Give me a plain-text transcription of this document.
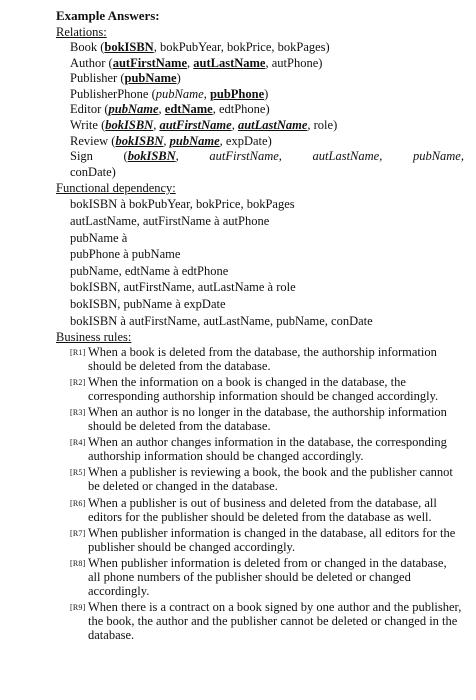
Example Answers:
Relations:
Book (bokISBN, bokPubYear, bokPrice, bokPages)
Author (autFirstName, autLastName, autPhone)
Publisher (pubName)
PublisherPhone (pubName, pubPhone)
Editor (pubName, edtName, edtPhone)
Write (bokISBN, autFirstName, autLastName, role)
Review (bokISBN, pubName, expDate)
Sign (bokISBN, autFirstName, autLastName, pubName,
conDate)
Functional dependency:
bokISBN à bokPubYear, bokPrice, bokPages
autLastName, autFirstName à autPhone
pubName à
pubPhone à pubName
pubName, edtName à edtPhone
bokISBN, autFirstName, autLastName à role
bokISBN, pubName à expDate
bokISBN à autFirstName, autLastName, pubName, conDate
Business rules:
[R1] When a book is deleted from the database, the authorship information should be deleted from the database.
[R2] When the information on a book is changed in the database, the corresponding authorship information should be changed accordingly.
[R3] When an author is no longer in the database, the authorship information should be deleted from the database.
[R4] When an author changes information in the database, the corresponding authorship information should be changed accordingly.
[R5] When a publisher is reviewing a book, the book and the publisher cannot be deleted or changed in the database.
[R6] When a publisher is out of business and deleted from the database, all editors for the publisher should be deleted from the database as well.
[R7] When publisher information is changed in the database, all editors for the publisher should be changed accordingly.
[R8] When publisher information is deleted from or changed in the database, all phone numbers of the publisher should be deleted or changed accordingly.
[R9] When there is a contract on a book signed by one author and the publisher, the book, the author and the publisher cannot be deleted or changed in the database.
